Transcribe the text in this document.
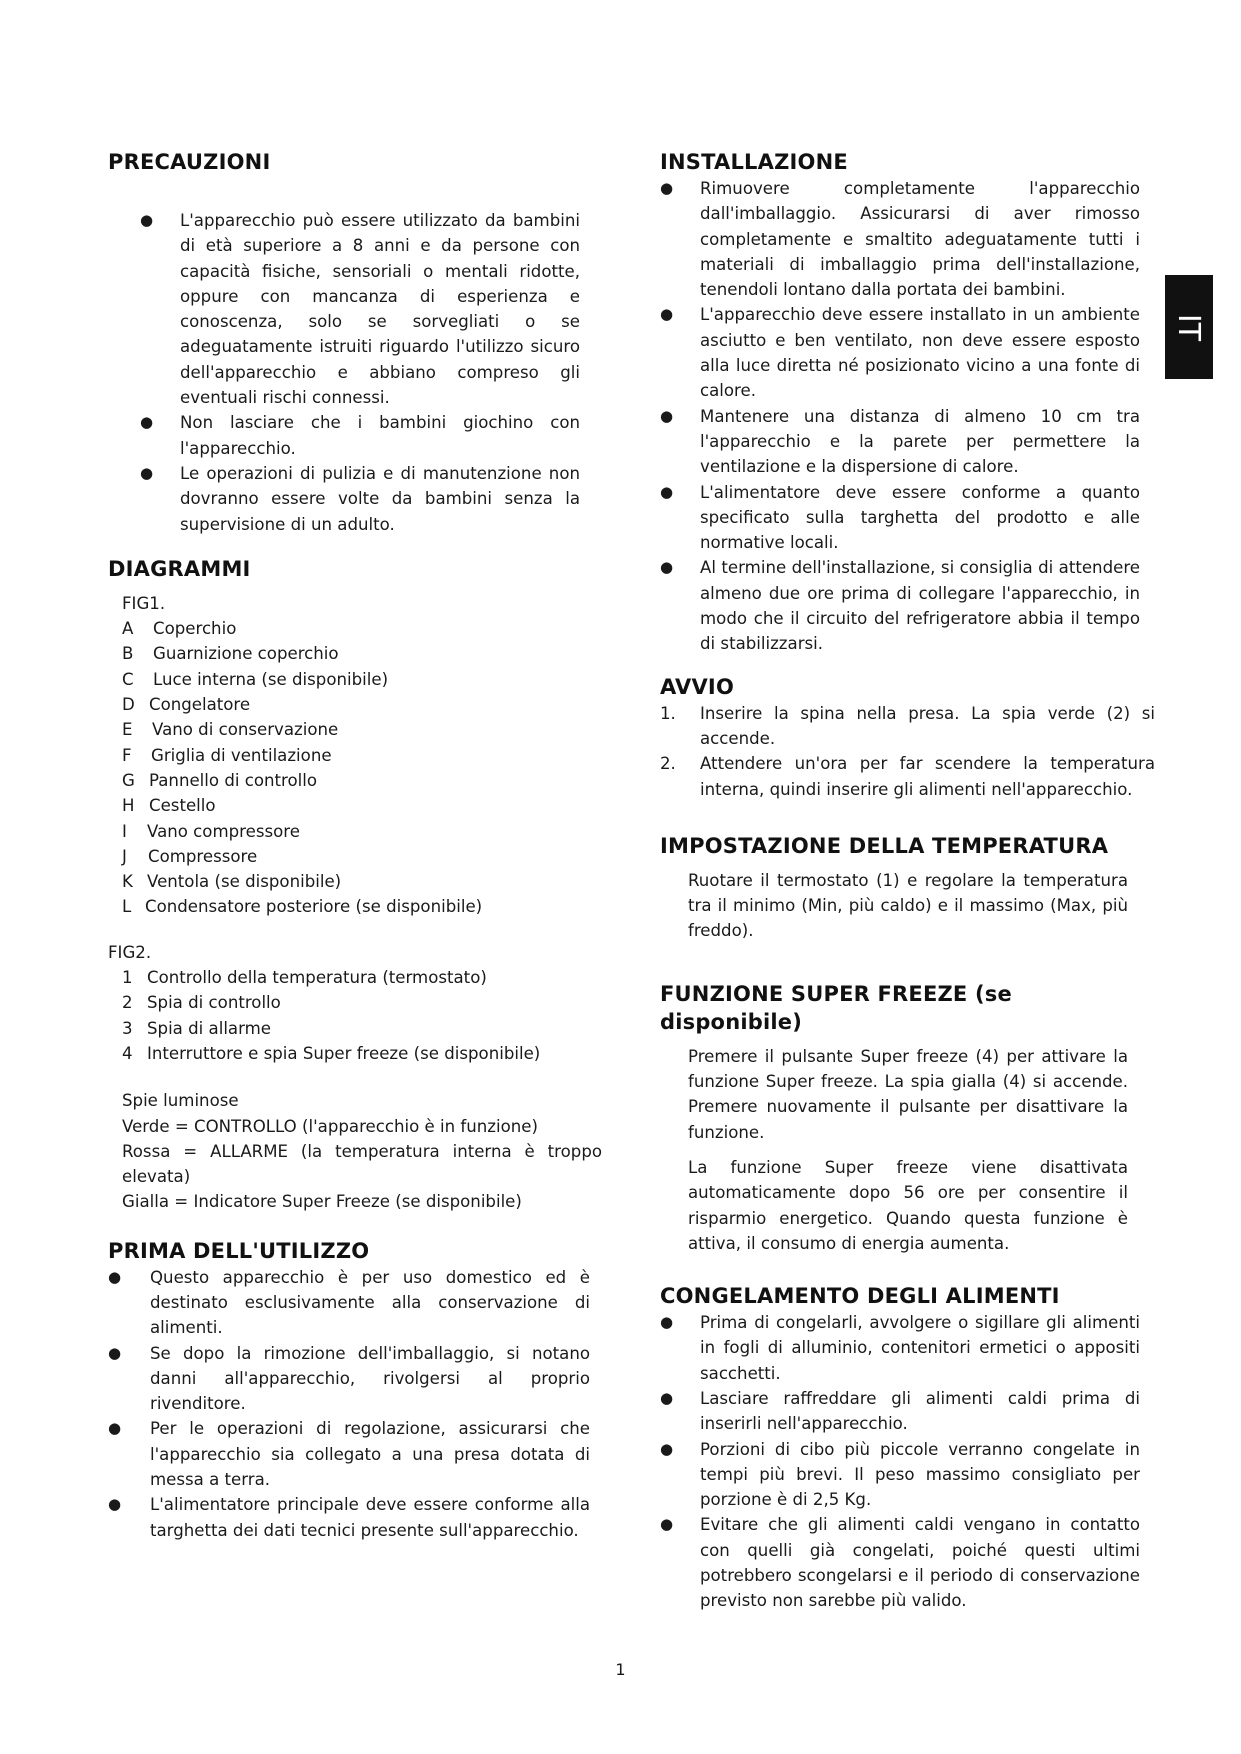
PRECAUZIONI
● L'apparecchio può essere utilizzato da bambini di età superiore a 8 anni e da persone con capacità fisiche, sensoriali o mentali ridotte, oppure con mancanza di esperienza e conoscenza, solo se sorvegliati o se adeguatamente istruiti riguardo l'utilizzo sicuro dell'apparecchio e abbiano compreso gli eventuali rischi connessi.
● Non lasciare che i bambini giochino con l'apparecchio.
● Le operazioni di pulizia e di manutenzione non dovranno essere volte da bambini senza la supervisione di un adulto.
DIAGRAMMI
FIG1.
A	Coperchio
B	Guarnizione coperchio
C	Luce interna (se disponibile)
D Congelatore
E	Vano di conservazione
F	Griglia di ventilazione
G Pannello di controllo
H Cestello
I	Vano compressore
J	Compressore
K Ventola (se disponibile)
L Condensatore posteriore (se disponibile)
FIG2.
1 Controllo della temperatura (termostato)
2 Spia di controllo
3 Spia di allarme
4 Interruttore e spia Super freeze (se disponibile)
Spie luminose
Verde = CONTROLLO (l'apparecchio è in funzione)
Rossa = ALLARME (la temperatura interna è troppo elevata)
Gialla = Indicatore Super Freeze (se disponibile)
PRIMA DELL'UTILIZZO
● Questo apparecchio è per uso domestico ed è destinato esclusivamente alla conservazione di alimenti.
● Se dopo la rimozione dell'imballaggio, si notano danni all'apparecchio, rivolgersi al proprio rivenditore.
● Per le operazioni di regolazione, assicurarsi che l'apparecchio sia collegato a una presa dotata di messa a terra.
● L'alimentatore principale deve essere conforme alla targhetta dei dati tecnici presente sull'apparecchio.
INSTALLAZIONE
● Rimuovere completamente l'apparecchio dall'imballaggio. Assicurarsi di aver rimosso completamente e smaltito adeguatamente tutti i materiali di imballaggio prima dell'installazione, tenendoli lontano dalla portata dei bambini.
● L'apparecchio deve essere installato in un ambiente asciutto e ben ventilato, non deve essere esposto alla luce diretta né posizionato vicino a una fonte di calore.
● Mantenere una distanza di almeno 10 cm tra l'apparecchio e la parete per permettere la ventilazione e la dispersione di calore.
● L'alimentatore deve essere conforme a quanto specificato sulla targhetta del prodotto e alle normative locali.
● Al termine dell'installazione, si consiglia di attendere almeno due ore prima di collegare l'apparecchio, in modo che il circuito del refrigeratore abbia il tempo di stabilizzarsi.
AVVIO
1. Inserire la spina nella presa. La spia verde (2) si accende.
2. Attendere un'ora per far scendere la temperatura interna, quindi inserire gli alimenti nell'apparecchio.
IMPOSTAZIONE DELLA TEMPERATURA

Ruotare il termostato (1) e regolare la temperatura tra il minimo (Min, più caldo) e il massimo (Max, più freddo).

FUNZIONE SUPER FREEZE (se disponibile)

Premere il pulsante Super freeze (4) per attivare la funzione Super freeze. La spia gialla (4) si accende. Premere nuovamente il pulsante per disattivare la funzione.

La funzione Super freeze viene disattivata automaticamente dopo 56 ore per consentire il risparmio energetico. Quando questa funzione è attiva, il consumo di energia aumenta.

CONGELAMENTO DEGLI ALIMENTI
● Prima di congelarli, avvolgere o sigillare gli alimenti in fogli di alluminio, contenitori ermetici o appositi sacchetti.
● Lasciare raffreddare gli alimenti caldi prima di inserirli nell'apparecchio.
● Porzioni di cibo più piccole verranno congelate in tempi più brevi. Il peso massimo consigliato per porzione è di 2,5 Kg.
● Evitare che gli alimenti caldi vengano in contatto con quelli già congelati, poiché questi ultimi potrebbero scongelarsi e il periodo di conservazione previsto non sarebbe più valido.
IT
1
